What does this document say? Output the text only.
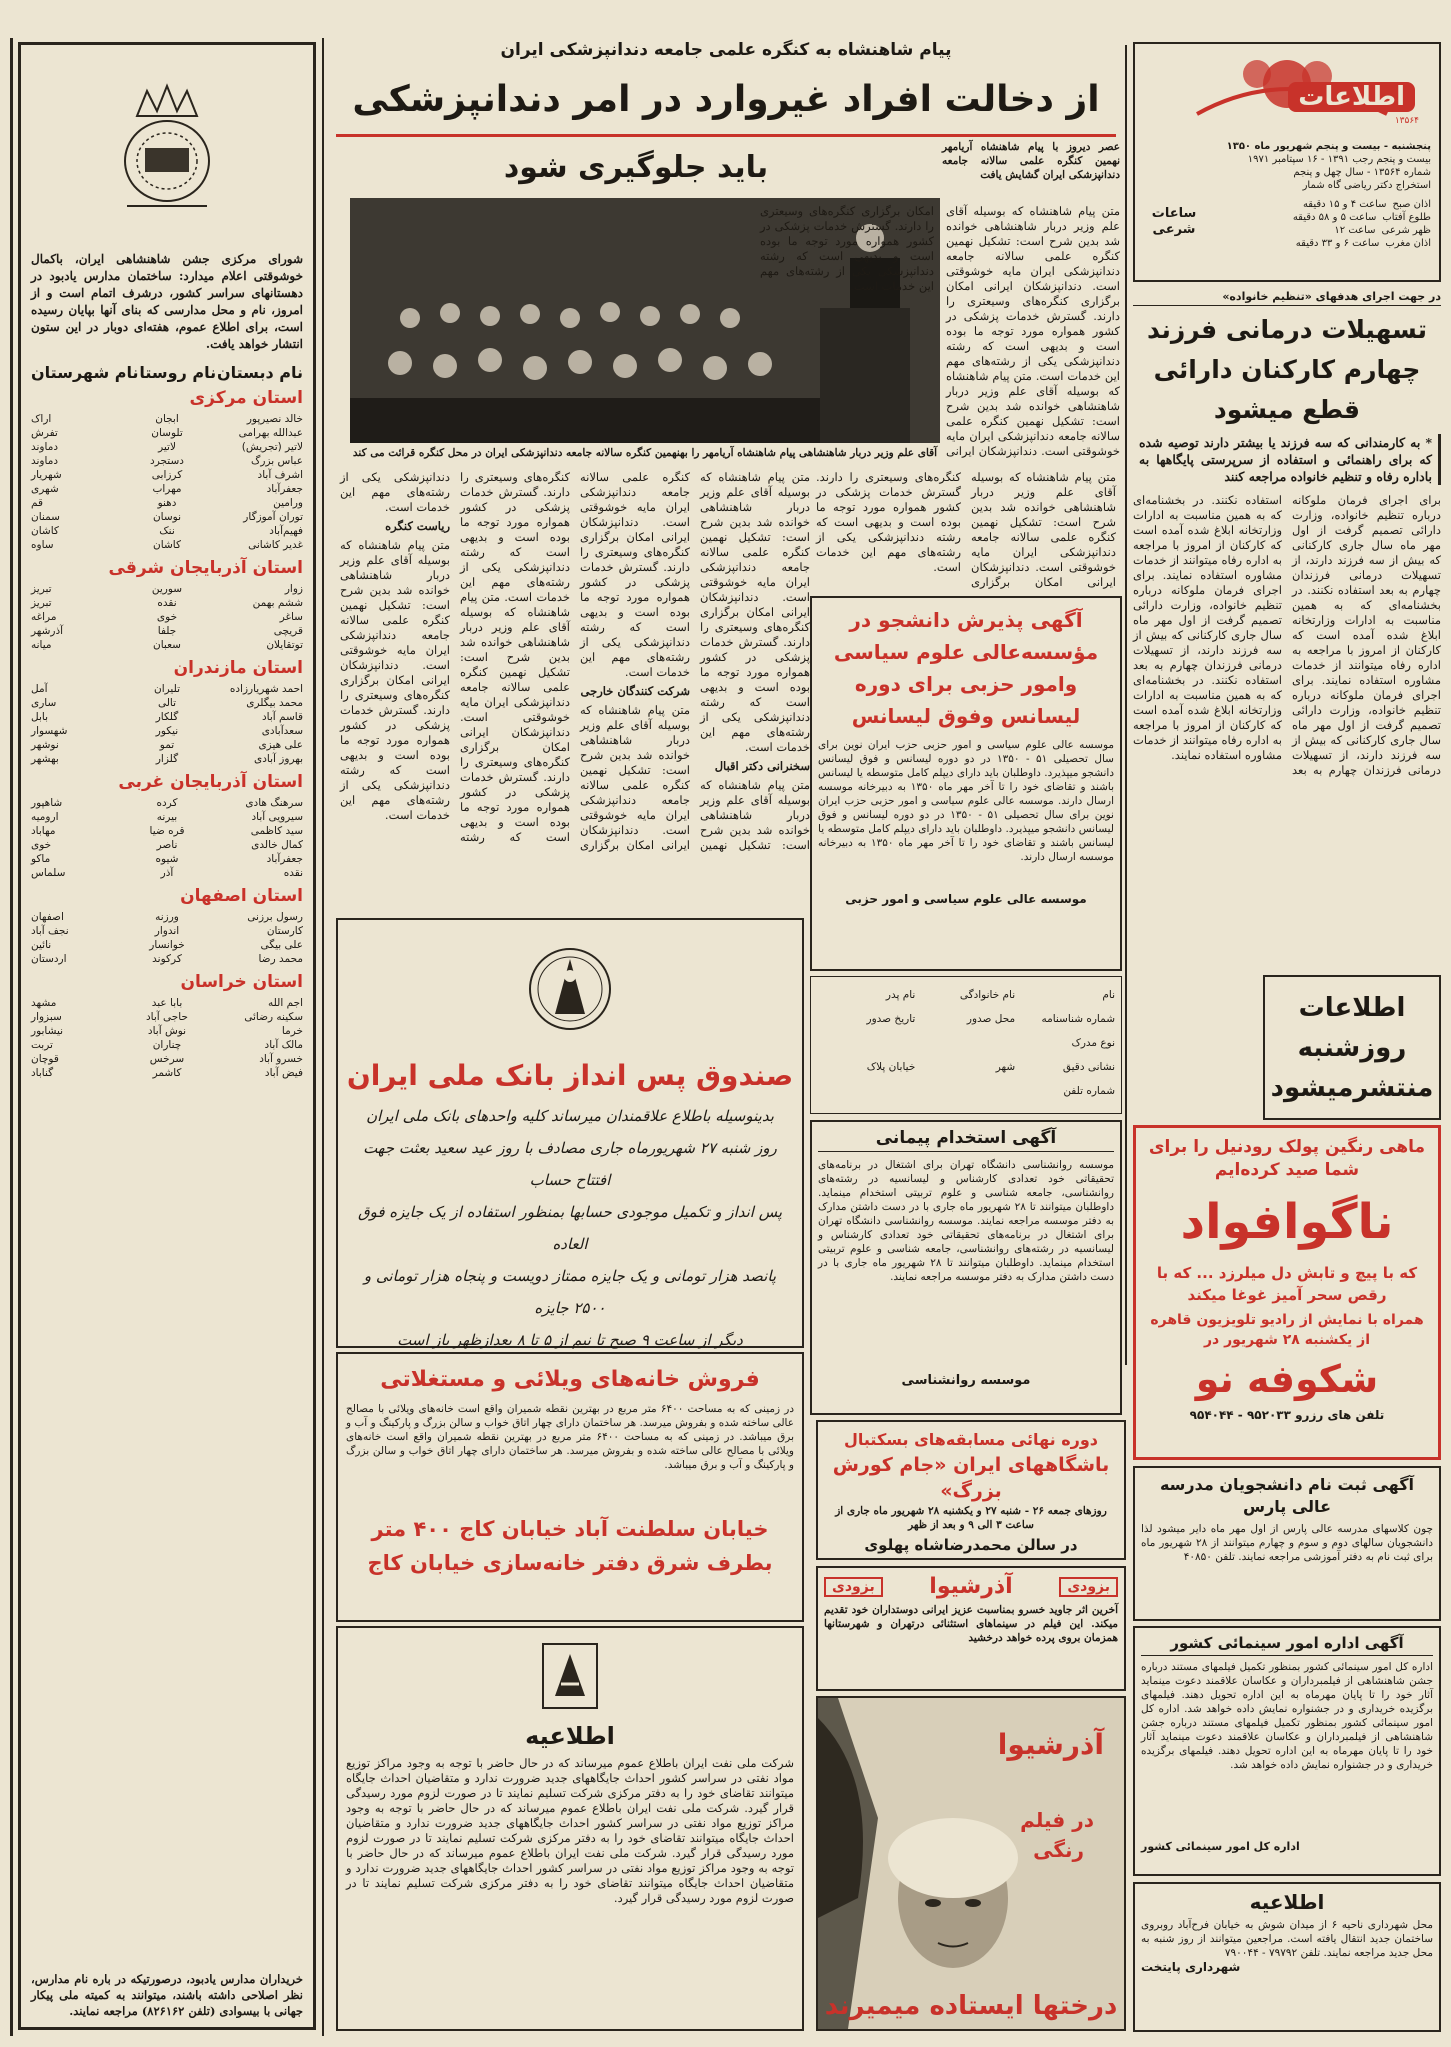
شورای مرکزی جشن شاهنشاهی ایران، باکمال خوشوقتی اعلام میدارد: ساختمان مدارس یادبود در دهستانهای سراسر کشور، درشرف اتمام است و از امروز، نام و محل مدارسی که بنای آنها بپایان رسیده است، برای اطلاع عموم، هفته‌ای دوبار در این ستون انتشار خواهد یافت.
نام دبستان
نام روستا
نام شهرستان
استان مرکزی
خالد نصیرپور
ابجان
اراک
عبدالله بهرامی
تلوسان
تفرش
لاتیر (تجریش)
لاتیر
دماوند
عباس بزرگ
دستجرد
دماوند
اشرف آباد
کرزابی
شهریار
جعفرآباد
مهراب
شهری
ورامین
دهنو
قم
توران آموزگار
نوسان
سمنان
فهیم‌آباد
ننک
کاشان
غدیر کاشانی
کاشان
ساوه
استان آذربایجان شرقی
زوار
سورین
تبریز
ششم بهمن
نقده
تبریز
ساغر
خوی
مراغه
قریچی
جلفا
آذرشهر
توتقایلان
سعبان
میانه
استان مازندران
احمد شهریارزاده
تلیران
آمل
محمد بیگلری
تالی
ساری
قاسم آباد
گلکار
بابل
سعدآبادی
نیکور
شهسوار
علی هیزی
تمو
نوشهر
بهروز آبادی
گلزار
بهشهر
استان آذربایجان غربی
سرهنگ هادی
کرده
شاهپور
سیرویی آباد
بیرنه
ارومیه
سید کاظمی
قره ضیا
مهاباد
کمال خالدی
ناصر
خوی
جعفرآباد
شیوه
ماکو
نقده
آذر
سلماس
استان اصفهان
رسول برزنی
ورزنه
اصفهان
کارستان
اندوار
نجف آباد
علی بیگی
خوانسار
نائین
محمد رضا
کرکوند
اردستان
استان خراسان
اجم الله
بابا عبد
مشهد
سکینه رضائی
حاجی آباد
سبزوار
خرما
نوش آباد
نیشابور
مالک آباد
چناران
تربت
خسرو آباد
سرخس
قوچان
فیض آباد
کاشمر
گناباد
خریداران مدارس یادبود، درصورتیکه در باره نام مدارس، نظر اصلاحی داشته باشند، میتوانند به کمیته ملی پیکار جهانی با بیسوادی (تلفن ۸۲۶۱۶۲) مراجعه نمایند.
اطلاعات
۱۳۵۶۴
پنجشنبه - بیست و پنجم شهریور ماه ۱۳۵۰
بیست و پنجم رجب ۱۳۹۱ - ۱۶ سپتامبر ۱۹۷۱
شماره ۱۳۵۶۴ - سال چهل و پنجم
استخراج دکتر ریاضی گاه شمار
اذان صبح
ساعت ۴ و ۱۵ دقیقه
طلوع آفتاب
ساعت ۵ و ۵۸ دقیقه
ظهر شرعی
ساعت ۱۲
اذان مغرب
ساعت ۶ و ۳۳ دقیقه
ساعات شرعی
در جهت اجرای هدفهای «تنظیم خانواده»
تسهیلات درمانی فرزند چهارم کارکنان دارائی قطع میشود
* به کارمندانی که سه فرزند یا بیشتر دارند توصیه شده که برای راهنمائی و استفاده از سرپرستی پایگاهها به باداره رفاه و تنظیم خانواده مراجعه کنند
برای اجرای فرمان ملوکانه درباره تنظیم خانواده، وزارت دارائی تصمیم گرفت از اول مهر ماه سال جاری کارکنانی که بیش از سه فرزند دارند، از تسهیلات درمانی فرزندان چهارم به بعد استفاده نکنند. در بخشنامه‌ای که به همین مناسبت به ادارات وزارتخانه ابلاغ شده آمده است که کارکنان از امروز با مراجعه به اداره رفاه میتوانند از خدمات مشاوره استفاده نمایند. برای اجرای فرمان ملوکانه درباره تنظیم خانواده، وزارت دارائی تصمیم گرفت از اول مهر ماه سال جاری کارکنانی که بیش از سه فرزند دارند، از تسهیلات درمانی فرزندان چهارم به بعد استفاده نکنند. در بخشنامه‌ای که به همین مناسبت به ادارات وزارتخانه ابلاغ شده آمده است که کارکنان از امروز با مراجعه به اداره رفاه میتوانند از خدمات مشاوره استفاده نمایند. برای اجرای فرمان ملوکانه درباره تنظیم خانواده، وزارت دارائی تصمیم گرفت از اول مهر ماه سال جاری کارکنانی که بیش از سه فرزند دارند، از تسهیلات درمانی فرزندان چهارم به بعد استفاده نکنند. در بخشنامه‌ای که به همین مناسبت به ادارات وزارتخانه ابلاغ شده آمده است که کارکنان از امروز با مراجعه به اداره رفاه میتوانند از خدمات مشاوره استفاده نمایند.
اطلاعات روزشنبه منتشرمیشود
پیام شاهنشاه به کنگره علمی جامعه دندانپزشکی ایران
از دخالت افراد غیروارد در امر دندانپزشکی
باید جلوگیری شود
عصر دیروز با پیام شاهنشاه آریامهر نهمین کنگره علمی سالانه جامعه دندانپزشکی ایران گشایش یافت
آقای علم وزیر دربار شاهنشاهی پیام شاهنشاه آریامهر را بهنهمین کنگره سالانه جامعه دندانپزشکی ایران در محل کنگره قرائت می کند
متن پیام شاهنشاه که بوسیله آقای علم وزیر دربار شاهنشاهی خوانده شد بدین شرح است: تشکیل نهمین کنگره علمی سالانه جامعه دندانپزشکی ایران مایه خوشوقتی است. دندانپزشکان ایرانی امکان برگزاری کنگره‌های وسیعتری را دارند. گسترش خدمات پزشکی در کشور همواره مورد توجه ما بوده است و بدیهی است که رشته دندانپزشکی یکی از رشته‌های مهم این خدمات است. متن پیام شاهنشاه که بوسیله آقای علم وزیر دربار شاهنشاهی خوانده شد بدین شرح است: تشکیل نهمین کنگره علمی سالانه جامعه دندانپزشکی ایران مایه خوشوقتی است. دندانپزشکان ایرانی امکان برگزاری کنگره‌های وسیعتری را دارند. گسترش خدمات پزشکی در کشور همواره مورد توجه ما بوده است و بدیهی است که رشته دندانپزشکی یکی از رشته‌های مهم این خدمات است.
متن پیام شاهنشاه که بوسیله آقای علم وزیر دربار شاهنشاهی خوانده شد بدین شرح است: تشکیل نهمین کنگره علمی سالانه جامعه دندانپزشکی ایران مایه خوشوقتی است. دندانپزشکان ایرانی امکان برگزاری کنگره‌های وسیعتری را دارند. گسترش خدمات پزشکی در کشور همواره مورد توجه ما بوده است و بدیهی است که رشته دندانپزشکی یکی از رشته‌های مهم این خدمات است.
سخنرانی دکتر اقبال
متن پیام شاهنشاه که بوسیله آقای علم وزیر دربار شاهنشاهی خوانده شد بدین شرح است: تشکیل نهمین کنگره علمی سالانه جامعه دندانپزشکی ایران مایه خوشوقتی است. دندانپزشکان ایرانی امکان برگزاری کنگره‌های وسیعتری را دارند. گسترش خدمات پزشکی در کشور همواره مورد توجه ما بوده است و بدیهی است که رشته دندانپزشکی یکی از رشته‌های مهم این خدمات است.
شرکت کنندگان خارجی
متن پیام شاهنشاه که بوسیله آقای علم وزیر دربار شاهنشاهی خوانده شد بدین شرح است: تشکیل نهمین کنگره علمی سالانه جامعه دندانپزشکی ایران مایه خوشوقتی است. دندانپزشکان ایرانی امکان برگزاری کنگره‌های وسیعتری را دارند. گسترش خدمات پزشکی در کشور همواره مورد توجه ما بوده است و بدیهی است که رشته دندانپزشکی یکی از رشته‌های مهم این خدمات است. متن پیام شاهنشاه که بوسیله آقای علم وزیر دربار شاهنشاهی خوانده شد بدین شرح است: تشکیل نهمین کنگره علمی سالانه جامعه دندانپزشکی ایران مایه خوشوقتی است. دندانپزشکان ایرانی امکان برگزاری کنگره‌های وسیعتری را دارند. گسترش خدمات پزشکی در کشور همواره مورد توجه ما بوده است و بدیهی است که رشته دندانپزشکی یکی از رشته‌های مهم این خدمات است.
ریاست کنگره
متن پیام شاهنشاه که بوسیله آقای علم وزیر دربار شاهنشاهی خوانده شد بدین شرح است: تشکیل نهمین کنگره علمی سالانه جامعه دندانپزشکی ایران مایه خوشوقتی است. دندانپزشکان ایرانی امکان برگزاری کنگره‌های وسیعتری را دارند. گسترش خدمات پزشکی در کشور همواره مورد توجه ما بوده است و بدیهی است که رشته دندانپزشکی یکی از رشته‌های مهم این خدمات است.
متن پیام شاهنشاه که بوسیله آقای علم وزیر دربار شاهنشاهی خوانده شد بدین شرح است: تشکیل نهمین کنگره علمی سالانه جامعه دندانپزشکی ایران مایه خوشوقتی است. دندانپزشکان ایرانی امکان برگزاری کنگره‌های وسیعتری را دارند. گسترش خدمات پزشکی در کشور همواره مورد توجه ما بوده است و بدیهی است که رشته دندانپزشکی یکی از رشته‌های مهم این خدمات است.
آگهی پذیرش دانشجو در مؤسسه‌عالی علوم سیاسی وامور حزبی برای دوره لیسانس وفوق لیسانس
موسسه عالی علوم سیاسی و امور حزبی حزب ایران نوین برای سال تحصیلی ۵۱ - ۱۳۵۰ در دو دوره لیسانس و فوق لیسانس دانشجو میپذیرد. داوطلبان باید دارای دیپلم کامل متوسطه یا لیسانس باشند و تقاضای خود را تا آخر مهر ماه ۱۳۵۰ به دبیرخانه موسسه ارسال دارند. موسسه عالی علوم سیاسی و امور حزبی حزب ایران نوین برای سال تحصیلی ۵۱ - ۱۳۵۰ در دو دوره لیسانس و فوق لیسانس دانشجو میپذیرد. داوطلبان باید دارای دیپلم کامل متوسطه یا لیسانس باشند و تقاضای خود را تا آخر مهر ماه ۱۳۵۰ به دبیرخانه موسسه ارسال دارند.
موسسه عالی علوم سیاسی و امور حزبی
نام
نام خانوادگی
نام پدر
شماره شناسنامه
محل صدور
تاریخ صدور
نوع مدرک
نشانی دقیق
شهر
خیابان پلاک
شماره تلفن
آگهی استخدام پیمانی
موسسه روانشناسی دانشگاه تهران برای اشتغال در برنامه‌های تحقیقاتی خود تعدادی کارشناس و لیسانسیه در رشته‌های روانشناسی، جامعه شناسی و علوم تربیتی استخدام مینماید. داوطلبان میتوانند تا ۲۸ شهریور ماه جاری با در دست داشتن مدارک به دفتر موسسه مراجعه نمایند. موسسه روانشناسی دانشگاه تهران برای اشتغال در برنامه‌های تحقیقاتی خود تعدادی کارشناس و لیسانسیه در رشته‌های روانشناسی، جامعه شناسی و علوم تربیتی استخدام مینماید. داوطلبان میتوانند تا ۲۸ شهریور ماه جاری با در دست داشتن مدارک به دفتر موسسه مراجعه نمایند.
موسسه روانشناسی
ماهی رنگین پولک رودنیل را برای شما صید کرده‌ایم
ناگوافواد
که با پیچ و تابش دل میلرزد ... که با رقص سحر آمیز غوغا میکند
همراه با نمایش از رادیو تلویزیون قاهره از یکشنبه ۲۸ شهریور در
شکوفه نو
تلفن های رزرو ۹۵۲۰۳۳ - ۹۵۴۰۴۴
دوره نهائی مسابقه‌های بسکتبال
باشگاههای ایران «جام کورش بزرگ»
روزهای جمعه ۲۶ - شنبه ۲۷ و یکشنبه ۲۸ شهریور ماه جاری از ساعت ۳ الی ۹ و بعد از ظهر
در سالن محمدرضاشاه پهلوی
آگهی ثبت نام دانشجویان مدرسه عالی پارس
چون کلاسهای مدرسه عالی پارس از اول مهر ماه دایر میشود لذا دانشجویان سالهای دوم و سوم و چهارم میتوانند از ۲۸ شهریور ماه برای ثبت نام به دفتر آموزشی مراجعه نمایند. تلفن ۴۰۸۵۰
صندوق پس انداز بانک ملی ایران
بدینوسیله باطلاع علاقمندان میرساند کلیه واحدهای بانک ملی ایران
روز شنبه ۲۷ شهریورماه جاری مصادف با روز عید سعید بعثت جهت افتتاح حساب
پس انداز و تکمیل موجودی حسابها بمنظور استفاده از یک جایزه فوق العاده
پانصد هزار تومانی و یک جایزه ممتاز دویست و پنجاه هزار تومانی و ۲۵۰۰ جایزه
دیگر از ساعت ۹ صبح تا نیم از ۵ تا ۸ بعدازظهر باز است
فروش خانه‌های ویلائی و مستغلاتی
در زمینی که به مساحت ۶۴۰۰ متر مربع در بهترین نقطه شمیران واقع است خانه‌های ویلائی با مصالح عالی ساخته شده و بفروش میرسد. هر ساختمان دارای چهار اتاق خواب و سالن بزرگ و پارکینگ و آب و برق میباشد. در زمینی که به مساحت ۶۴۰۰ متر مربع در بهترین نقطه شمیران واقع است خانه‌های ویلائی با مصالح عالی ساخته شده و بفروش میرسد. هر ساختمان دارای چهار اتاق خواب و سالن بزرگ و پارکینگ و آب و برق میباشد.
خیابان سلطنت آباد خیابان کاج ۴۰۰ متر
بطرف شرق دفتر خانه‌سازی خیابان کاج
اطلاعیه
شرکت ملی نفت ایران باطلاع عموم میرساند که در حال حاضر با توجه به وجود مراکز توزیع مواد نفتی در سراسر کشور احداث جایگاههای جدید ضرورت ندارد و متقاضیان احداث جایگاه میتوانند تقاضای خود را به دفتر مرکزی شرکت تسلیم نمایند تا در صورت لزوم مورد رسیدگی قرار گیرد. شرکت ملی نفت ایران باطلاع عموم میرساند که در حال حاضر با توجه به وجود مراکز توزیع مواد نفتی در سراسر کشور احداث جایگاههای جدید ضرورت ندارد و متقاضیان احداث جایگاه میتوانند تقاضای خود را به دفتر مرکزی شرکت تسلیم نمایند تا در صورت لزوم مورد رسیدگی قرار گیرد. شرکت ملی نفت ایران باطلاع عموم میرساند که در حال حاضر با توجه به وجود مراکز توزیع مواد نفتی در سراسر کشور احداث جایگاههای جدید ضرورت ندارد و متقاضیان احداث جایگاه میتوانند تقاضای خود را به دفتر مرکزی شرکت تسلیم نمایند تا در صورت لزوم مورد رسیدگی قرار گیرد.
بزودی
آذرشیوا
بزودی
آخرین اثر جاوید خسرو بمناسبت عزیز ایرانی دوستداران خود تقدیم میکند. این فیلم در سینماهای استثنائی درتهران و شهرستانها همزمان بروی پرده خواهد درخشید
آذرشیوا
در فیلم
رنگی
درختها ایستاده میمیرند
آگهی اداره امور سینمائی کشور
اداره کل امور سینمائی کشور بمنظور تکمیل فیلمهای مستند درباره جشن شاهنشاهی از فیلمبرداران و عکاسان علاقمند دعوت مینماید آثار خود را تا پایان مهرماه به این اداره تحویل دهند. فیلمهای برگزیده خریداری و در جشنواره نمایش داده خواهد شد. اداره کل امور سینمائی کشور بمنظور تکمیل فیلمهای مستند درباره جشن شاهنشاهی از فیلمبرداران و عکاسان علاقمند دعوت مینماید آثار خود را تا پایان مهرماه به این اداره تحویل دهند. فیلمهای برگزیده خریداری و در جشنواره نمایش داده خواهد شد.
اداره کل امور سینمائی کشور
اطلاعیه
محل شهرداری ناحیه ۶ از میدان شوش به خیابان فرح‌آباد روبروی ساختمان جدید انتقال یافته است. مراجعین میتوانند از روز شنبه به محل جدید مراجعه نمایند. تلفن ۷۹۷۹۲ - ۷۹۰۰۴۴
شهرداری پایتخت
